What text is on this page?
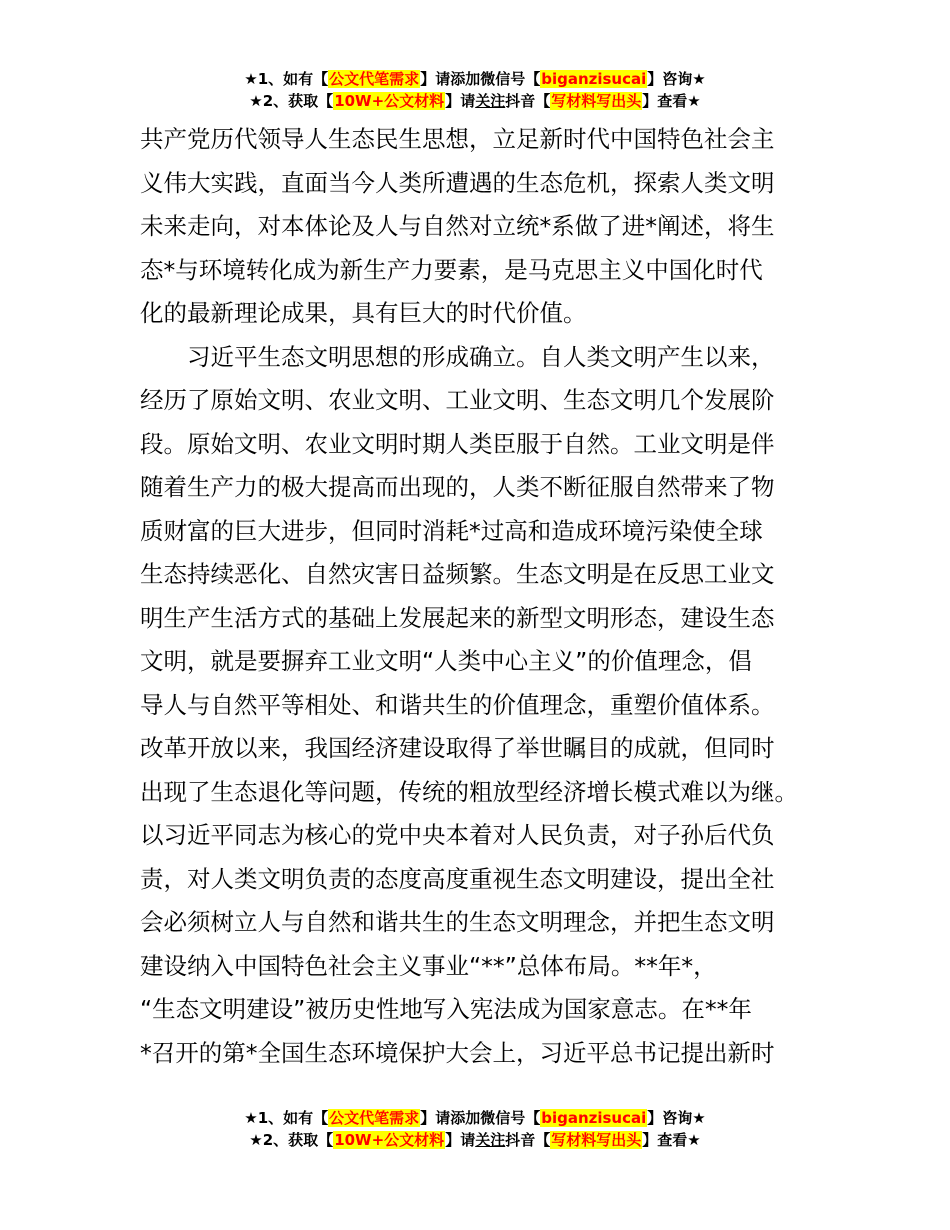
★1、如有【公文代笔需求】请添加微信号【biganzisucai】咨询★
★2、获取【10W+公文材料】请关注抖音【写材料写出头】查看★

共产党历代领导人生态民生思想，立足新时代中国特色社会主
义伟大实践，直面当今人类所遭遇的生态危机，探索人类文明
未来走向，对本体论及人与自然对立统*系做了进*阐述，将生
态*与环境转化成为新生产力要素，是马克思主义中国化时代
化的最新理论成果，具有巨大的时代价值。

习近平生态文明思想的形成确立。自人类文明产生以来，
经历了原始文明、农业文明、工业文明、生态文明几个发展阶
段。原始文明、农业文明时期人类臣服于自然。工业文明是伴
随着生产力的极大提高而出现的，人类不断征服自然带来了物
质财富的巨大进步，但同时消耗*过高和造成环境污染使全球
生态持续恶化、自然灾害日益频繁。生态文明是在反思工业文
明生产生活方式的基础上发展起来的新型文明形态，建设生态
文明，就是要摒弃工业文明“人类中心主义”的价值理念，倡
导人与自然平等相处、和谐共生的价值理念，重塑价值体系。
改革开放以来，我国经济建设取得了举世瞩目的成就，但同时
出现了生态退化等问题，传统的粗放型经济增长模式难以为继。
以习近平同志为核心的党中央本着对人民负责，对子孙后代负
责，对人类文明负责的态度高度重视生态文明建设，提出全社
会必须树立人与自然和谐共生的生态文明理念，并把生态文明
建设纳入中国特色社会主义事业“**”总体布局。**年*，
“生态文明建设”被历史性地写入宪法成为国家意志。在**年
*召开的第*全国生态环境保护大会上，习近平总书记提出新时

★1、如有【公文代笔需求】请添加微信号【biganzisucai】咨询★
★2、获取【10W+公文材料】请关注抖音【写材料写出头】查看★
